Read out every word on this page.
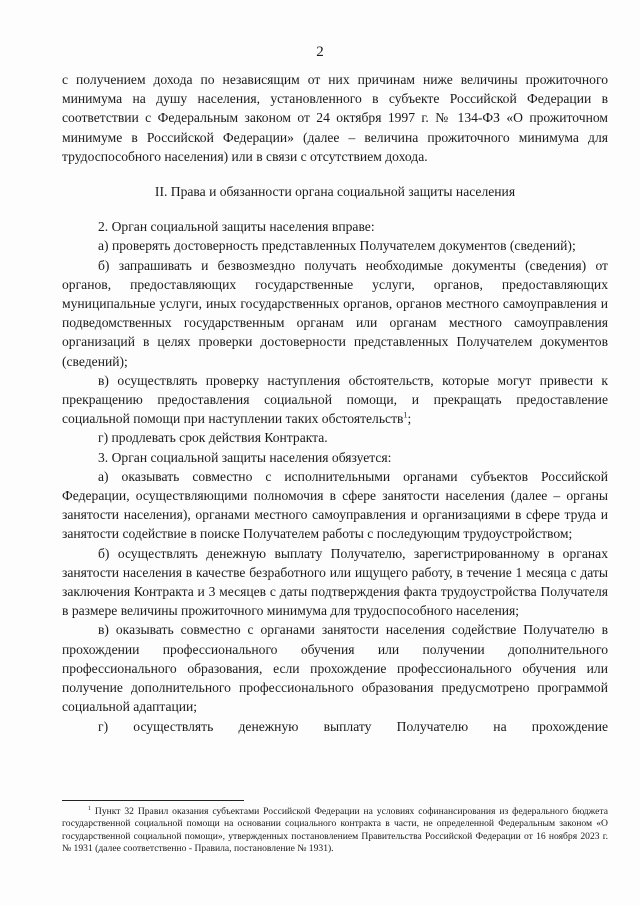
2

с получением дохода по независящим от них причинам ниже величины прожиточного минимума на душу населения, установленного в субъекте Российской Федерации в соответствии с Федеральным законом от 24 октября 1997 г. № 134-ФЗ «О прожиточном минимуме в Российской Федерации» (далее – величина прожиточного минимума для трудоспособного населения) или в связи с отсутствием дохода.

II. Права и обязанности органа социальной защиты населения

2. Орган социальной защиты населения вправе:

а) проверять достоверность представленных Получателем документов (сведений);

б) запрашивать и безвозмездно получать необходимые документы (сведения) от органов, предоставляющих государственные услуги, органов, предоставляющих муниципальные услуги, иных государственных органов, органов местного самоуправления и подведомственных государственным органам или органам местного самоуправления организаций в целях проверки достоверности представленных Получателем документов (сведений);

в) осуществлять проверку наступления обстоятельств, которые могут привести к прекращению предоставления социальной помощи, и прекращать предоставление социальной помощи при наступлении таких обстоятельств$^1$;

г) продлевать срок действия Контракта.

3. Орган социальной защиты населения обязуется:

а) оказывать совместно с исполнительными органами субъектов Российской Федерации, осуществляющими полномочия в сфере занятости населения (далее – органы занятости населения), органами местного самоуправления и организациями в сфере труда и занятости содействие в поиске Получателем работы с последующим трудоустройством;

б) осуществлять денежную выплату Получателю, зарегистрированному в органах занятости населения в качестве безработного или ищущего работу, в течение 1 месяца с даты заключения Контракта и 3 месяцев с даты подтверждения факта трудоустройства Получателя в размере величины прожиточного минимума для трудоспособного населения;

в) оказывать совместно с органами занятости населения содействие Получателю в прохождении профессионального обучения или получении дополнительного профессионального образования, если прохождение профессионального обучения или получение дополнительного профессионального образования предусмотрено программой социальной адаптации;

г) осуществлять денежную выплату Получателю на прохождение

$^1$ Пункт 32 Правил оказания субъектами Российской Федерации на условиях софинансирования из федерального бюджета государственной социальной помощи на основании социального контракта в части, не определенной Федеральным законом «О государственной социальной помощи», утвержденных постановлением Правительства Российской Федерации от 16 ноября 2023 г. № 1931 (далее соответственно - Правила, постановление № 1931).
